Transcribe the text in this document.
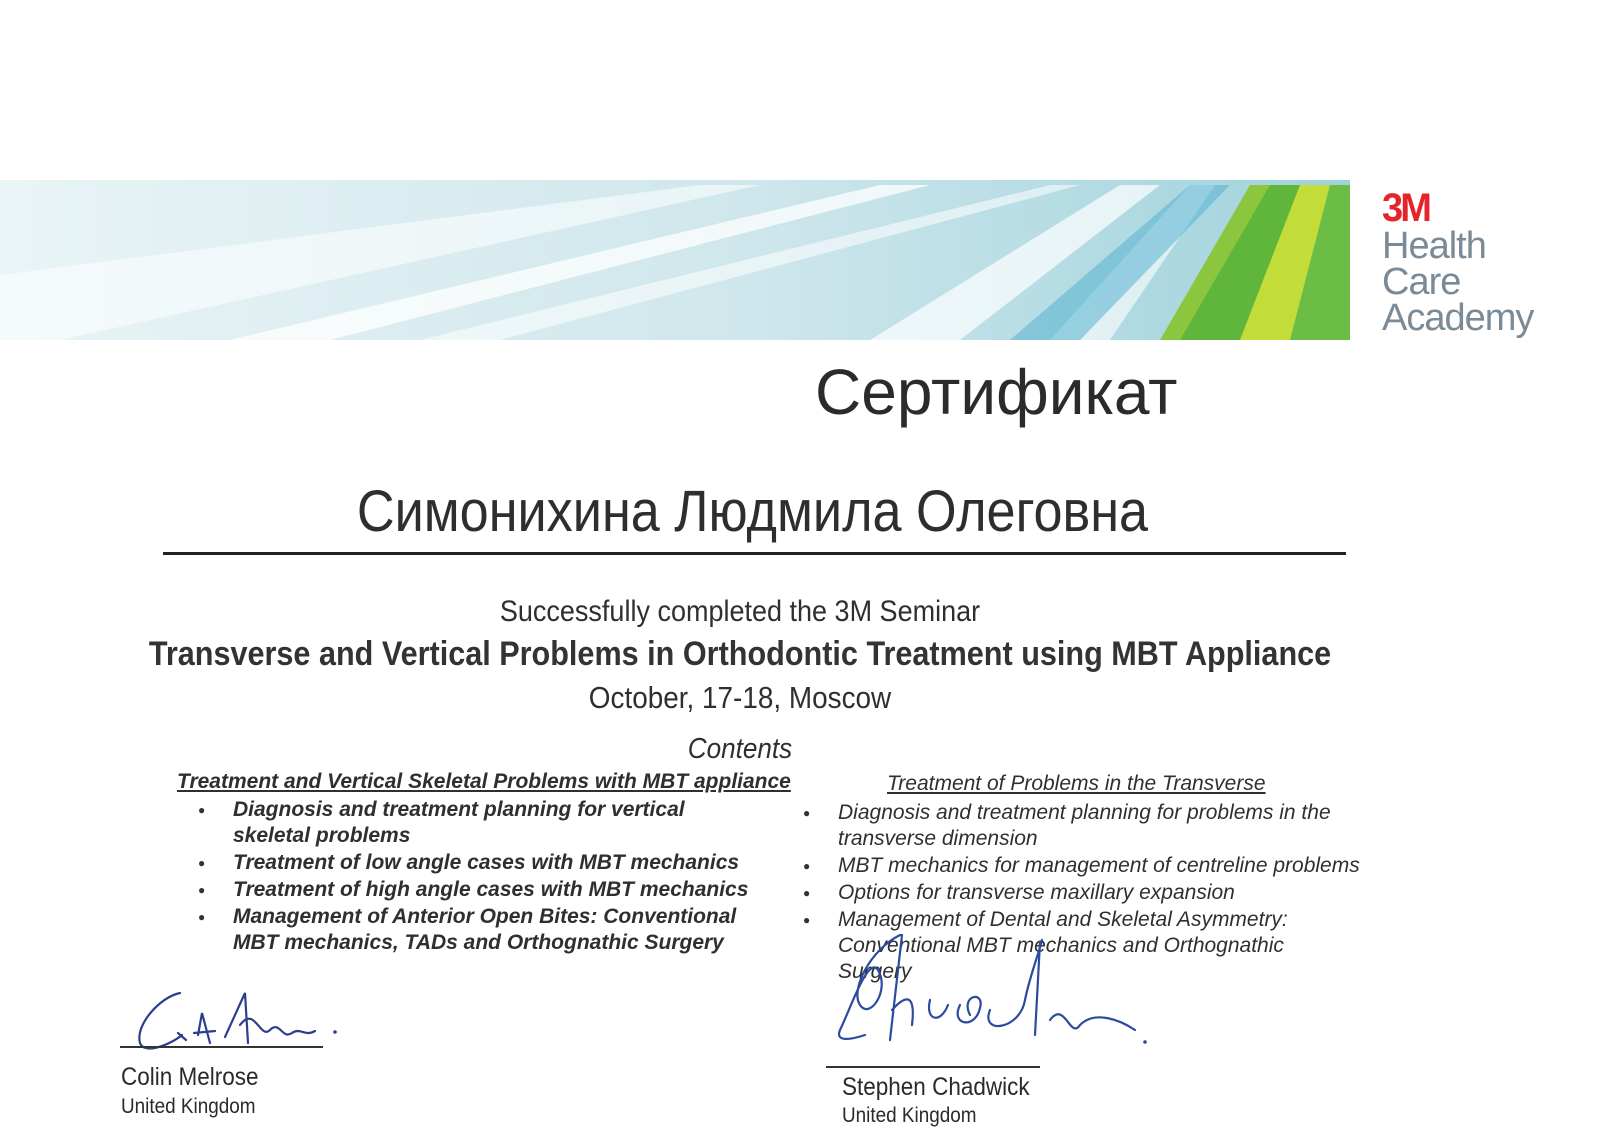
3M
Health
Care
Academy
Сертификат
Симонихина Людмила Олеговна
Successfully completed the 3M Seminar
Transverse and Vertical Problems in Orthodontic Treatment using MBT Appliance
October, 17-18, Moscow
Contents
Treatment and Vertical Skeletal Problems with MBT appliance
● Diagnosis and treatment planning for vertical skeletal problems
● Treatment of low angle cases with MBT mechanics
● Treatment of high angle cases with MBT mechanics
● Management of Anterior Open Bites: Conventional MBT mechanics, TADs and Orthognathic Surgery
Treatment of Problems in the Transverse
● Diagnosis and treatment planning for problems in the transverse dimension
● MBT mechanics for management of centreline problems
● Options for transverse maxillary expansion
● Management of Dental and Skeletal Asymmetry: Conventional MBT mechanics and Orthognathic Surgery
Colin Melrose
United Kingdom
Stephen Chadwick
United Kingdom
